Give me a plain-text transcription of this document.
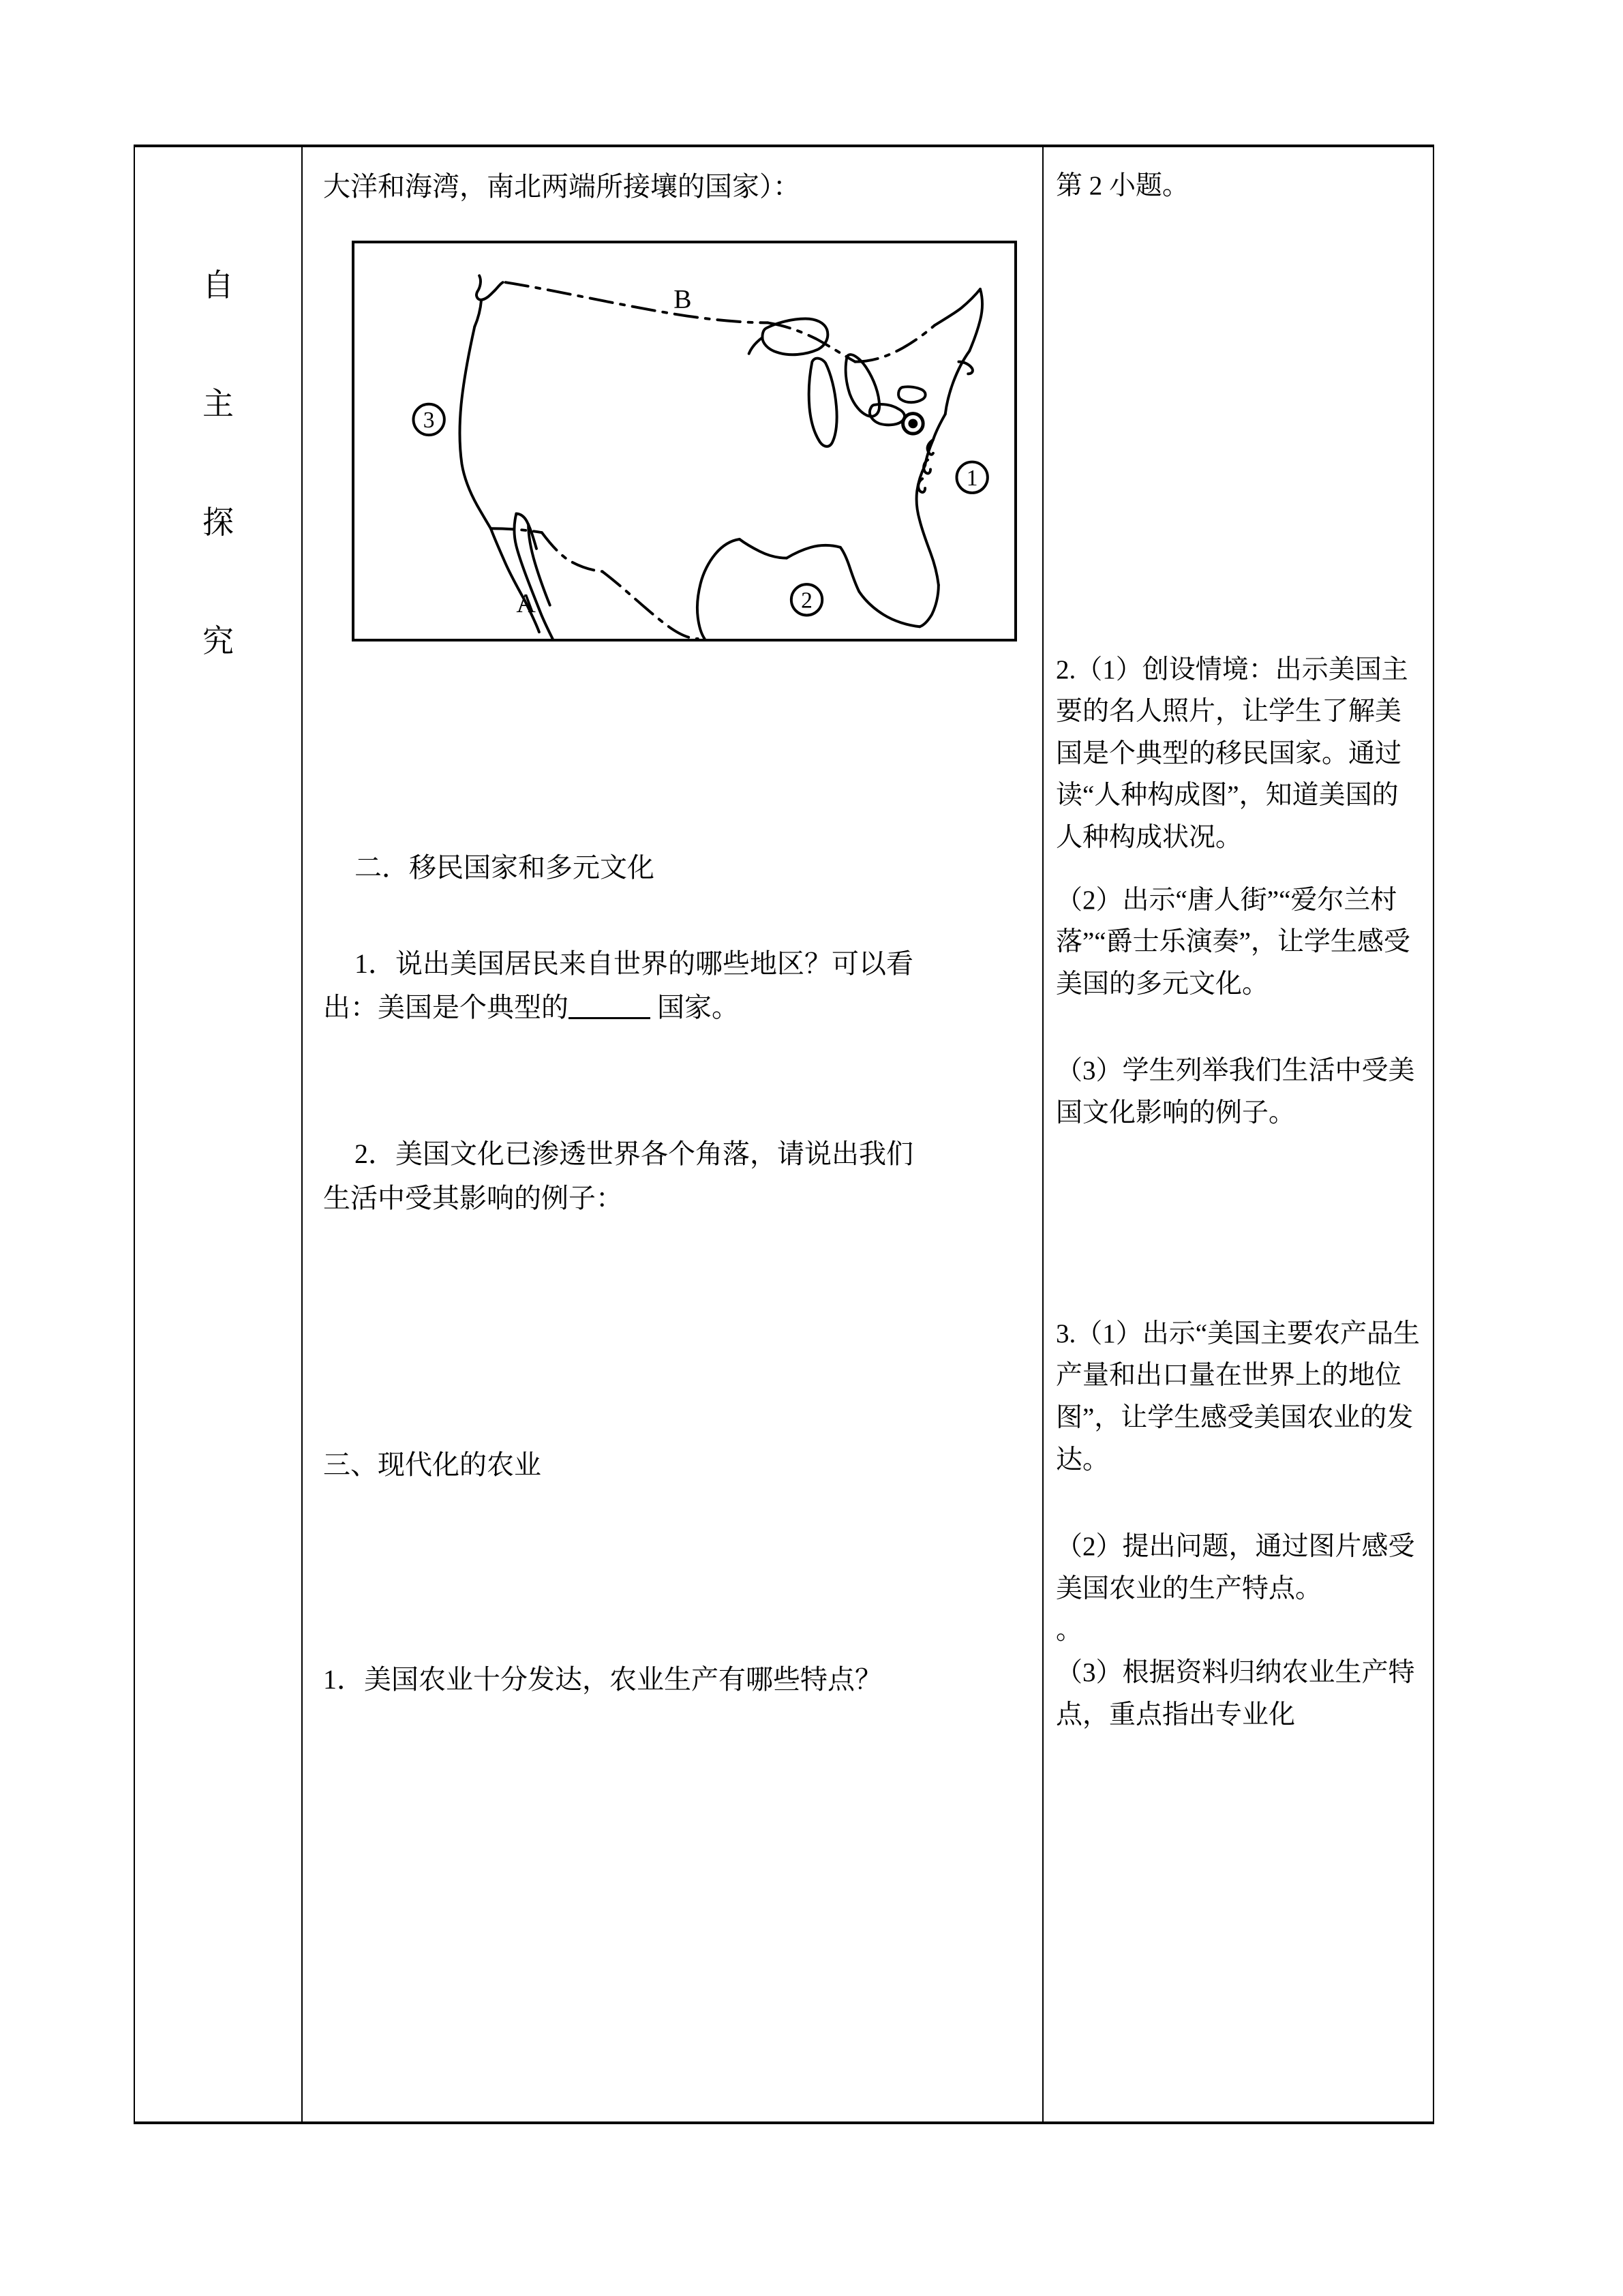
自
主
探
究

大洋和海湾，南北两端所接壤的国家）：

B
A
3
1
2

二．移民国家和多元文化

1．说出美国居民来自世界的哪些地区？可以看

出：美国是个典型的	国家。

2．美国文化已渗透世界各个角落，请说出我们

生活中受其影响的例子：

三、现代化的农业

1．美国农业十分发达，农业生产有哪些特点？

第 2 小题。

2.（1）创设情境：出示美国主要的名人照片，让学生了解美国是个典型的移民国家。通过读“人种构成图”，知道美国的人种构成状况。

（2）出示“唐人街”“爱尔兰村落”“爵士乐演奏”，让学生感受美国的多元文化。

（3）学生列举我们生活中受美国文化影响的例子。

3.（1）出示“美国主要农产品生产量和出口量在世界上的地位图”，让学生感受美国农业的发达。

（2）提出问题，通过图片感受美国农业的生产特点。

。

（3）根据资料归纳农业生产特点，重点指出专业化
